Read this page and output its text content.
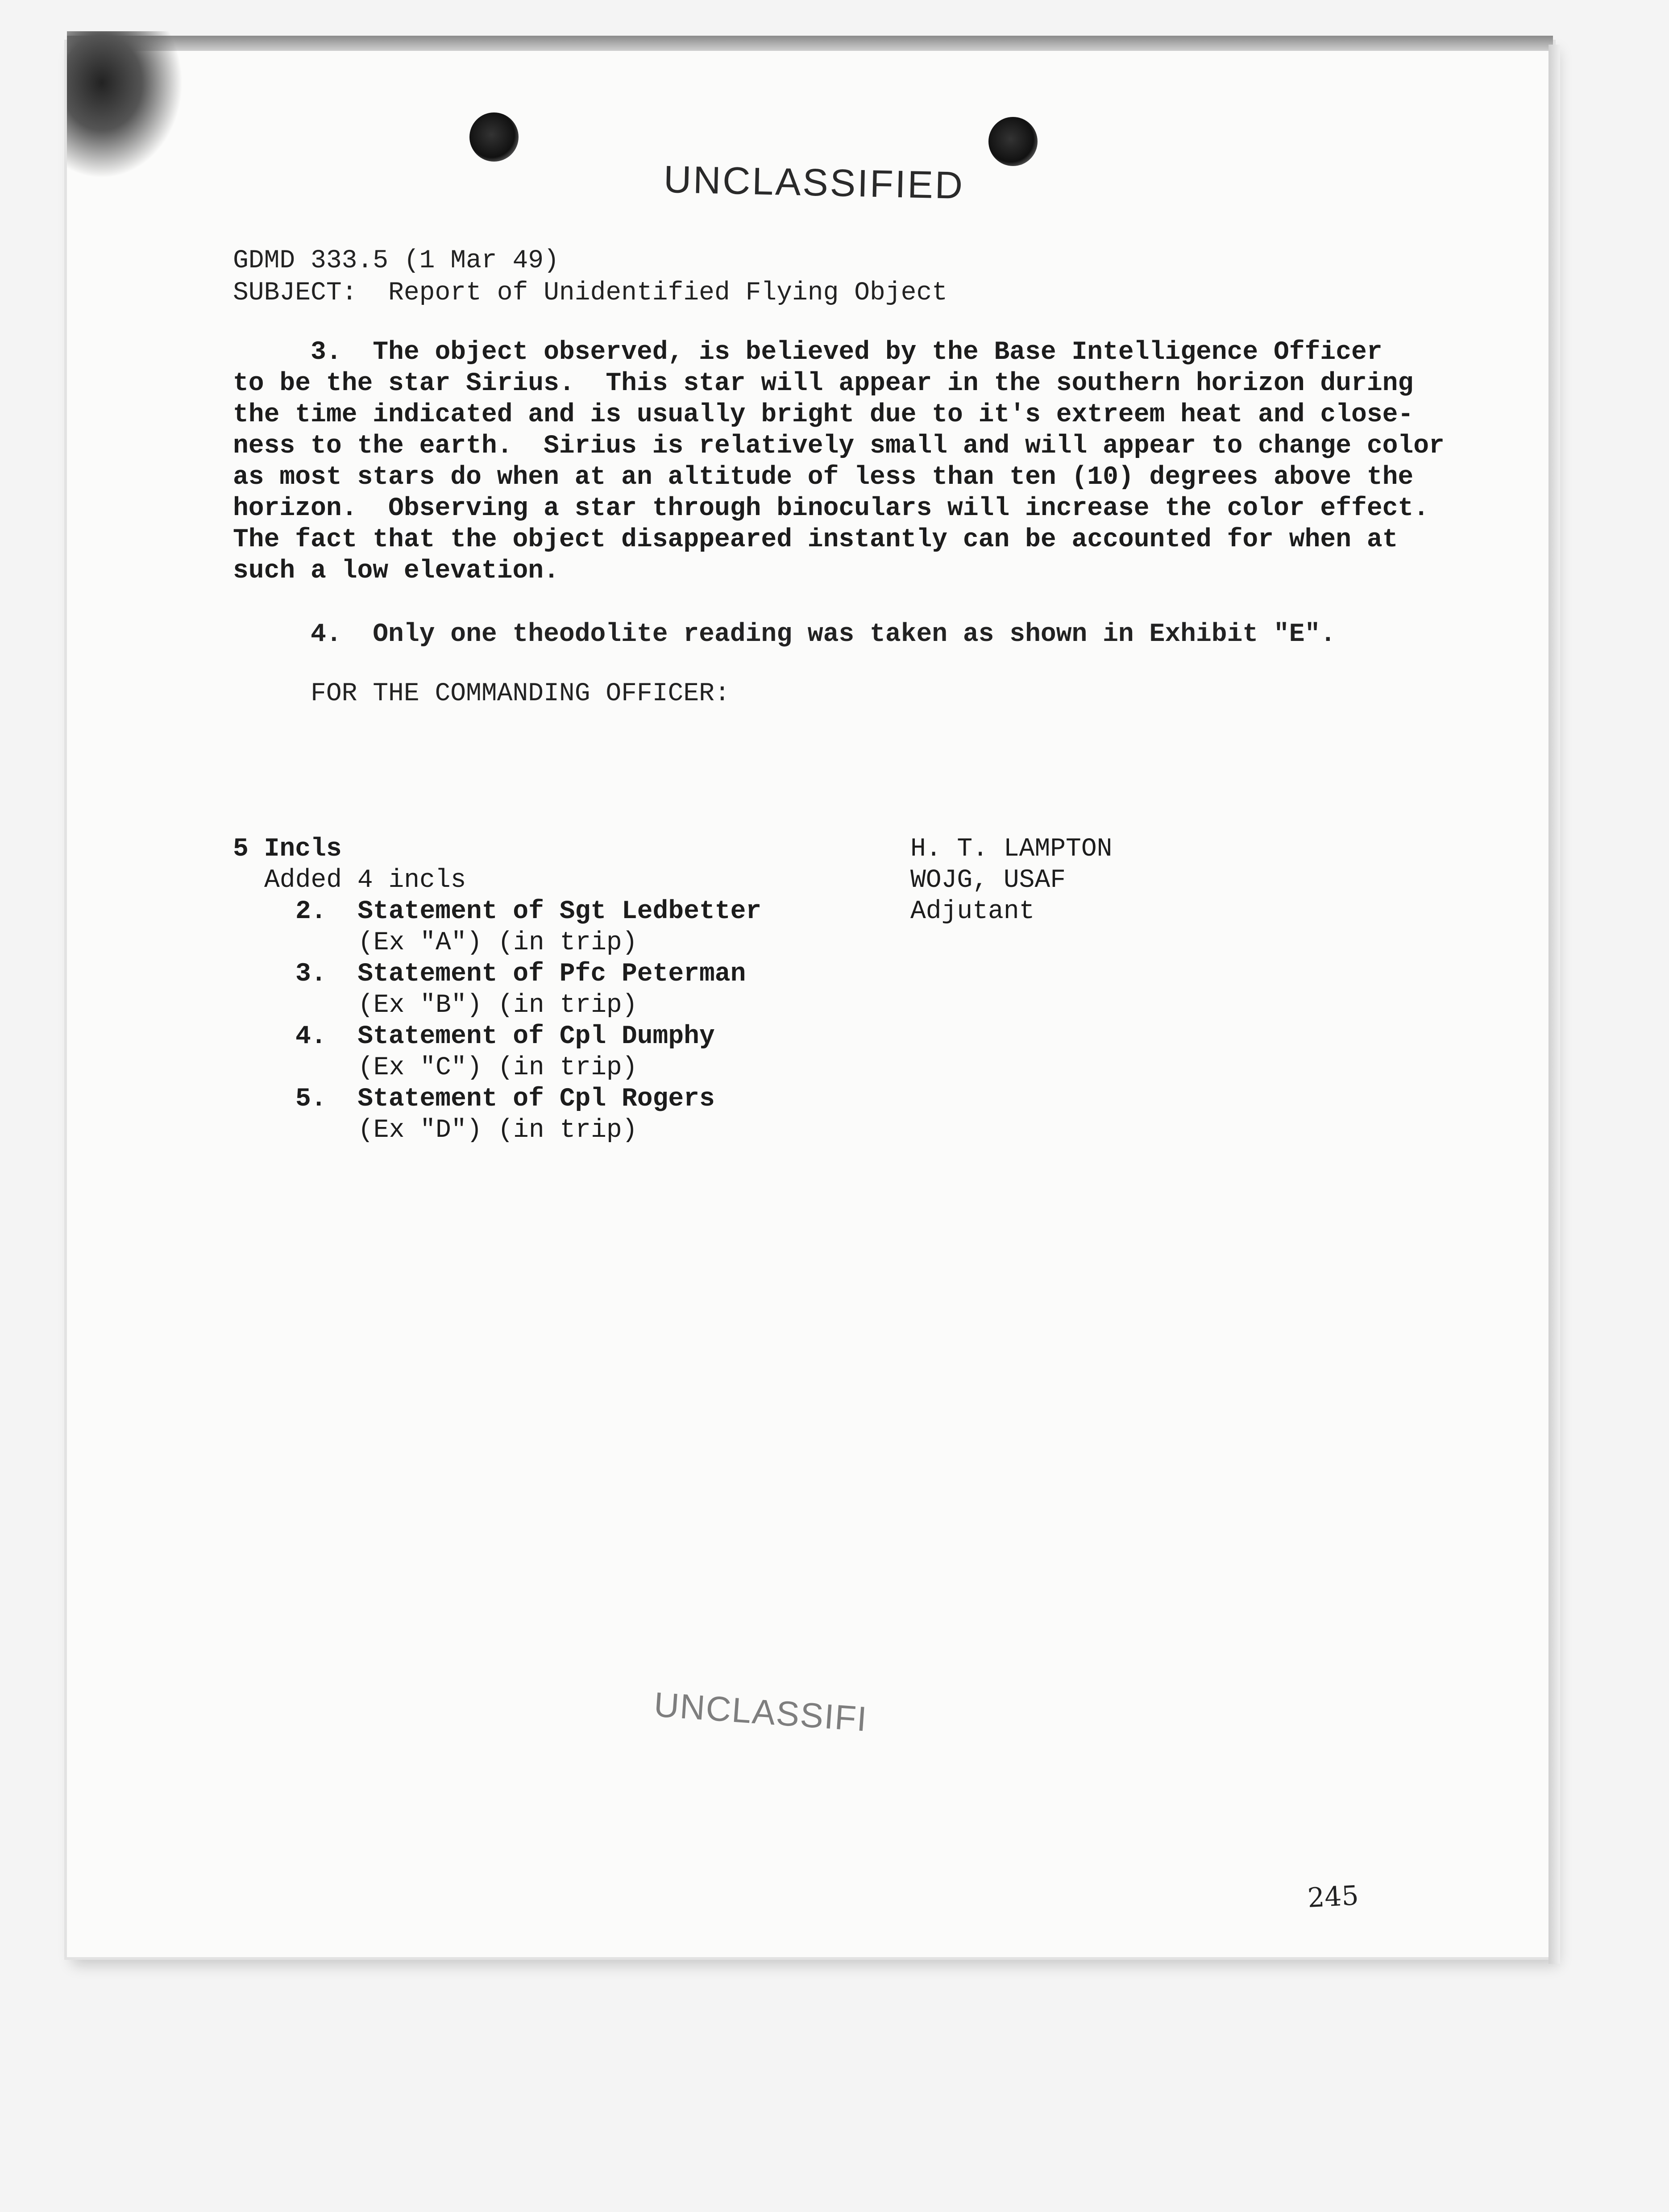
UNCLASSIFIED
GDMD 333.5 (1 Mar 49)
SUBJECT:  Report of Unidentified Flying Object
3.  The object observed, is believed by the Base Intelligence Officer
to be the star Sirius.  This star will appear in the southern horizon during
the time indicated and is usually bright due to it's extreem heat and close-
ness to the earth.  Sirius is relatively small and will appear to change color
as most stars do when at an altitude of less than ten (10) degrees above the
horizon.  Observing a star through binoculars will increase the color effect.
The fact that the object disappeared instantly can be accounted for when at
such a low elevation.
4.  Only one theodolite reading was taken as shown in Exhibit "E".
FOR THE COMMANDING OFFICER:
5 Incls
Added 4 incls
2. Statement of Sgt Ledbetter
(Ex "A") (in trip)
3. Statement of Pfc Peterman
(Ex "B") (in trip)
4. Statement of Cpl Dumphy
(Ex "C") (in trip)
5. Statement of Cpl Rogers
(Ex "D") (in trip)
H. T. LAMPTON
WOJG, USAF
Adjutant
UNCLASSIFI
245
